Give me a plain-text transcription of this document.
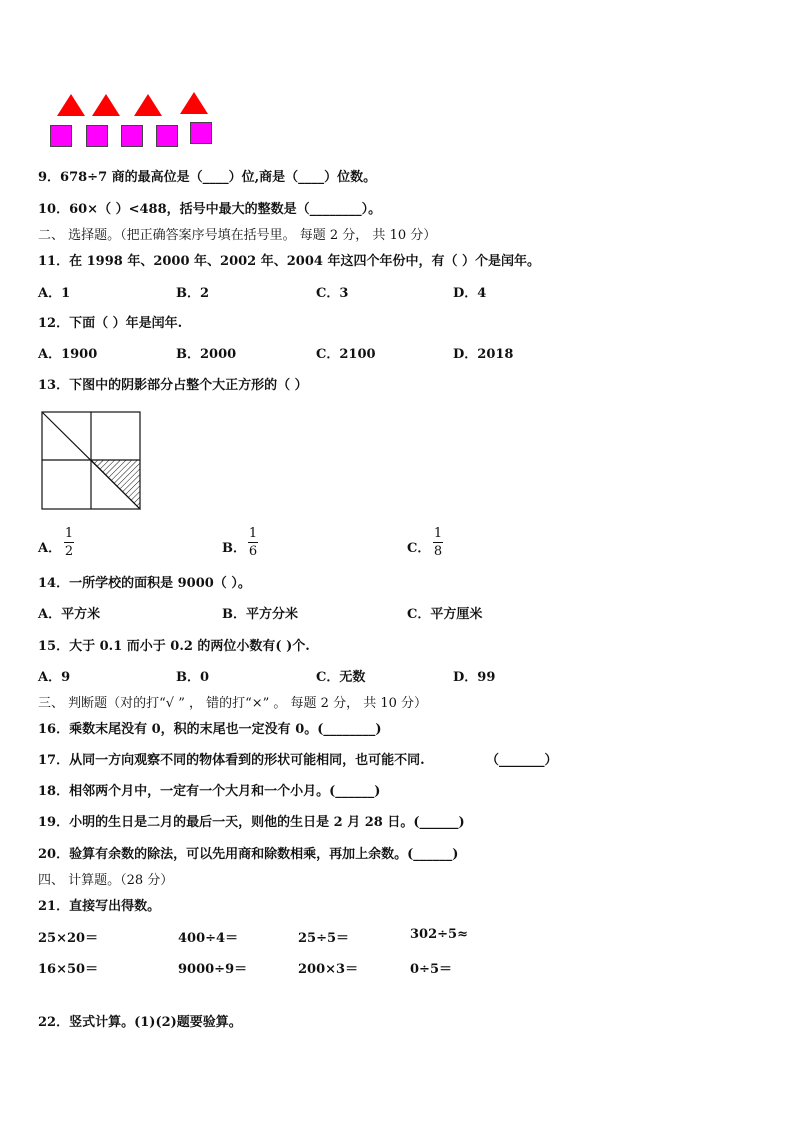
9．678÷7 商的最高位是（____）位,商是（____）位数。
10．60×（ ）<488，括号中最大的整数是（________）。
二、 选择题。（把正确答案序号填在括号里。 每题 2 分， 共 10 分）
11．在 1998 年、2000 年、2002 年、2004 年这四个年份中，有（ ）个是闰年。
A．1	B．2	C．3	D．4
12．下面（ ）年是闰年.
A．1900	B．2000	C．2100	D．2018
13．下图中的阴影部分占整个大正方形的（ ）
A．
1
2	B．
1
6	C．
1
8
14．一所学校的面积是 9000（ ）。
A．平方米	B．平方分米	C．平方厘米
15．大于 0.1 而小于 0.2 的两位小数有( )个.
A．9	B．0	C．无数	D．99
三、 判断题（对的打“√ ” ， 错的打“×” 。 每题 2 分， 共 10 分）
16．乘数末尾没有 0，积的末尾也一定没有 0。(________)
17．从同一方向观察不同的物体看到的形状可能相同，也可能不同.	（_______）
18．相邻两个月中，一定有一个大月和一个小月。(______)
19．小明的生日是二月的最后一天，则他的生日是 2 月 28 日。(______)
20．验算有余数的除法，可以先用商和除数相乘，再加上余数。(______)
四、 计算题。（28 分）
21．直接写出得数。
25×20＝	400÷4＝	25÷5＝	302÷5≈
16×50＝	9000÷9＝	200×3＝	0÷5＝
22．竖式计算。(1)(2)题要验算。
